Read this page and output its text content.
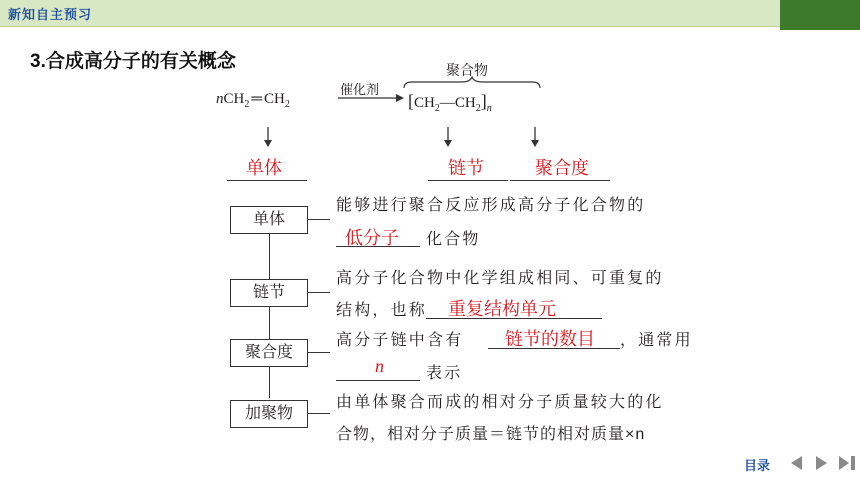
新知自主预习
3.合成高分子的有关概念
nCH$_2$ ═ $CH_2$
催化剂
聚合物
$[CH_2—CH_2]_n$
单体	链节	聚合度
单体
链节
聚合度
加聚物
能够进行聚合反应形成高分子化合物的
低分子 化合物
高分子化合物中化学组成相同、可重复的
结构，也称 重复结构单元
高分子链中含有 链节的数目 ，通常用
n	表示
由单体聚合而成的相对分子质量较大的化
合物，相对分子质量＝链节的相对质量×n
目录
